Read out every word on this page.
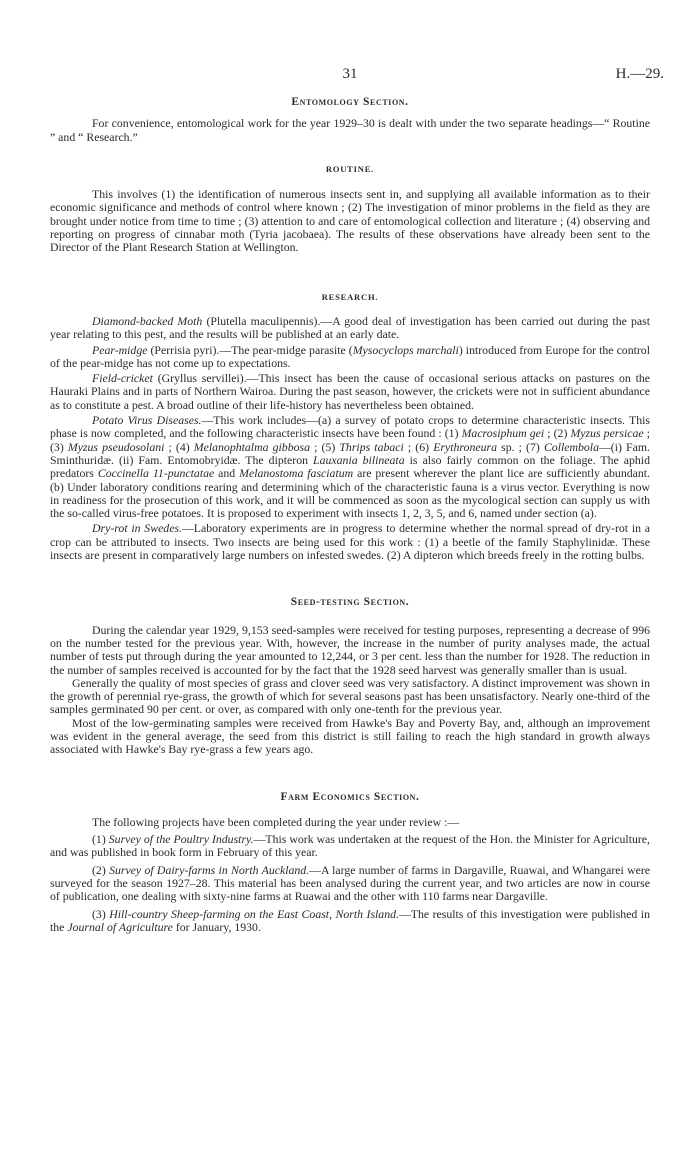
31	H.—29.
Entomology Section.

For convenience, entomological work for the year 1929–30 is dealt with under the two separate headings—“ Routine ” and “ Research.”

ROUTINE.

This involves (1) the identification of numerous insects sent in, and supplying all available information as to their economic significance and methods of control where known ; (2) The investigation of minor problems in the field as they are brought under notice from time to time ; (3) attention to and care of entomological collection and literature ; (4) observing and reporting on progress of cinnabar moth (Tyria jacobaea). The results of these observations have already been sent to the Director of the Plant Research Station at Wellington.

RESEARCH.

Diamond-backed Moth (Plutella maculipennis).—A good deal of investigation has been carried out during the past year relating to this pest, and the results will be published at an early date.

Pear-midge (Perrisia pyri).—The pear-midge parasite (Mysocyclops marchali) introduced from Europe for the control of the pear-midge has not come up to expectations.

Field-cricket (Gryllus servillei).—This insect has been the cause of occasional serious attacks on pastures on the Hauraki Plains and in parts of Northern Wairoa. During the past season, however, the crickets were not in sufficient abundance as to constitute a pest. A broad outline of their life-history has nevertheless been obtained.

Potato Virus Diseases.—This work includes—(a) a survey of potato crops to determine characteristic insects. This phase is now completed, and the following characteristic insects have been found : (1) Macrosiphum gei ; (2) Myzus persicae ; (3) Myzus pseudosolani ; (4) Melanophtalma gibbosa ; (5) Thrips tabaci ; (6) Erythroneura sp. ; (7) Collembola—(i) Fam. Sminthuridæ. (ii) Fam. Entomobryidæ. The dipteron Lauxania bilineata is also fairly common on the foliage. The aphid predators Coccinella 11-punctatae and Melanostoma fasciatum are present wherever the plant lice are sufficiently abundant. (b) Under laboratory conditions rearing and determining which of the characteristic fauna is a virus vector. Everything is now in readiness for the prosecution of this work, and it will be commenced as soon as the mycological section can supply us with the so-called virus-free potatoes. It is proposed to experiment with insects 1, 2, 3, 5, and 6, named under section (a).

Dry-rot in Swedes.—Laboratory experiments are in progress to determine whether the normal spread of dry-rot in a crop can be attributed to insects. Two insects are being used for this work : (1) a beetle of the family Staphylinidæ. These insects are present in comparatively large numbers on infested swedes. (2) A dipteron which breeds freely in the rotting bulbs.

Seed-testing Section.

During the calendar year 1929, 9,153 seed-samples were received for testing purposes, representing a decrease of 996 on the number tested for the previous year. With, however, the increase in the number of purity analyses made, the actual number of tests put through during the year amounted to 12,244, or 3 per cent. less than the number for 1928. The reduction in the number of samples received is accounted for by the fact that the 1928 seed harvest was generally smaller than is usual.

Generally the quality of most species of grass and clover seed was very satisfactory. A distinct improvement was shown in the growth of perennial rye-grass, the growth of which for several seasons past has been unsatisfactory. Nearly one-third of the samples germinated 90 per cent. or over, as compared with only one-tenth for the previous year.

Most of the low-germinating samples were received from Hawke's Bay and Poverty Bay, and, although an improvement was evident in the general average, the seed from this district is still failing to reach the high standard in growth always associated with Hawke's Bay rye-grass a few years ago.

Farm Economics Section.

The following projects have been completed during the year under review :—

(1) Survey of the Poultry Industry.—This work was undertaken at the request of the Hon. the Minister for Agriculture, and was published in book form in February of this year.

(2) Survey of Dairy-farms in North Auckland.—A large number of farms in Dargaville, Ruawai, and Whangarei were surveyed for the season 1927–28. This material has been analysed during the current year, and two articles are now in course of publication, one dealing with sixty-nine farms at Ruawai and the other with 110 farms near Dargaville.

(3) Hill-country Sheep-farming on the East Coast, North Island.—The results of this investigation were published in the Journal of Agriculture for January, 1930.
